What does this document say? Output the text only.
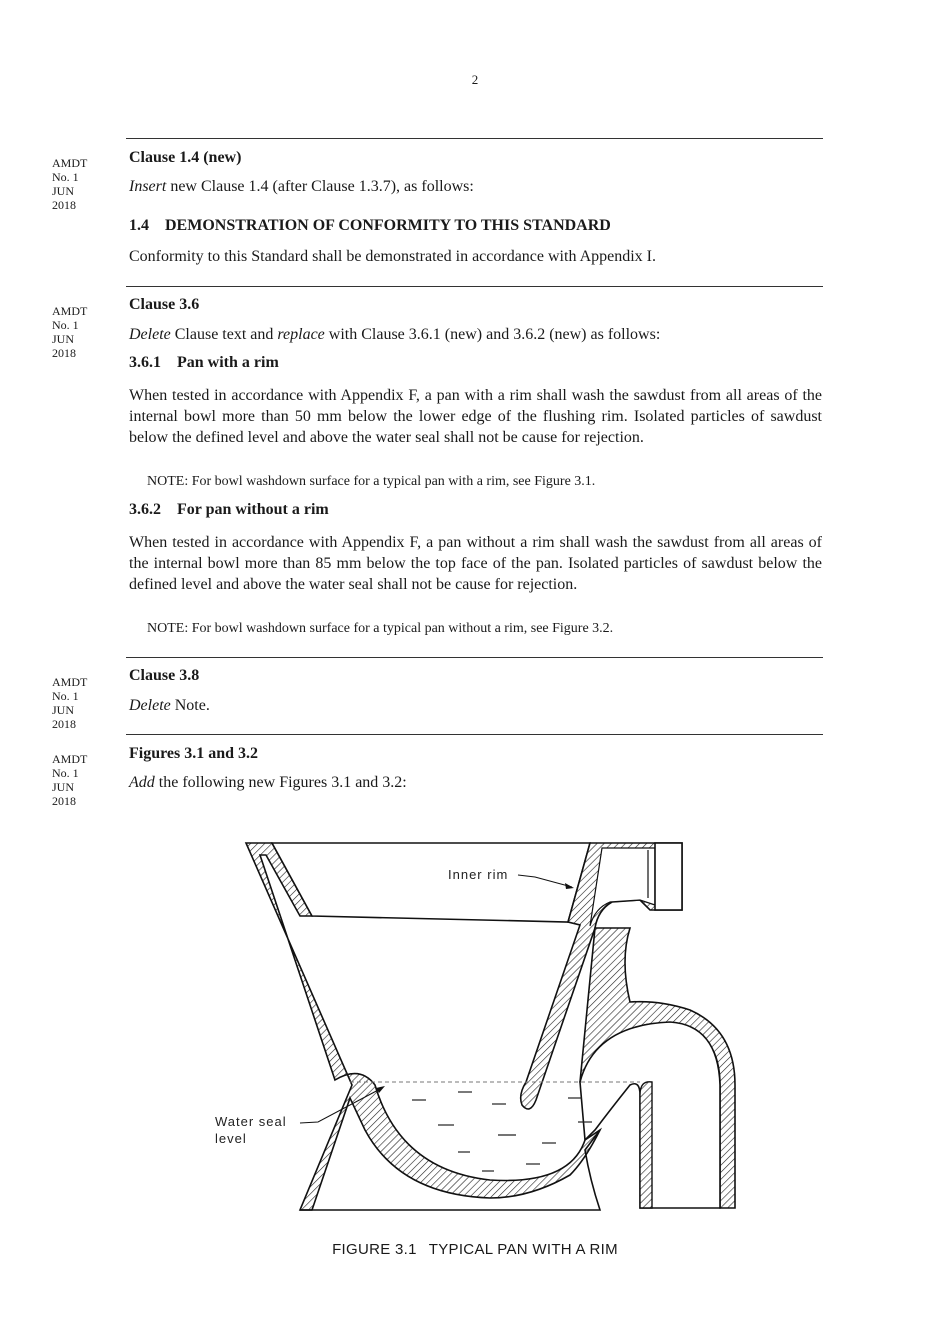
2
AMDT
No. 1
JUN
2018
AMDT
No. 1
JUN
2018
AMDT
No. 1
JUN
2018
AMDT
No. 1
JUN
2018
Clause 1.4 (new)
Insert new Clause 1.4 (after Clause 1.3.7), as follows:
1.4 DEMONSTRATION OF CONFORMITY TO THIS STANDARD
Conformity to this Standard shall be demonstrated in accordance with Appendix I.
Clause 3.6
Delete Clause text and replace with Clause 3.6.1 (new) and 3.6.2 (new) as follows:
3.6.1 Pan with a rim
When tested in accordance with Appendix F, a pan with a rim shall wash the sawdust from all areas of the internal bowl more than 50 mm below the lower edge of the flushing rim. Isolated particles of sawdust below the defined level and above the water seal shall not be cause for rejection.
NOTE: For bowl washdown surface for a typical pan with a rim, see Figure 3.1.
3.6.2 For pan without a rim
When tested in accordance with Appendix F, a pan without a rim shall wash the sawdust from all areas of the internal bowl more than 85 mm below the top face of the pan. Isolated particles of sawdust below the defined level and above the water seal shall not be cause for rejection.
NOTE: For bowl washdown surface for a typical pan without a rim, see Figure 3.2.
Clause 3.8
Delete Note.
Figures 3.1 and 3.2
Add the following new Figures 3.1 and 3.2:
Inner rim
Water seal
level
FIGURE 3.1 TYPICAL PAN WITH A RIM
